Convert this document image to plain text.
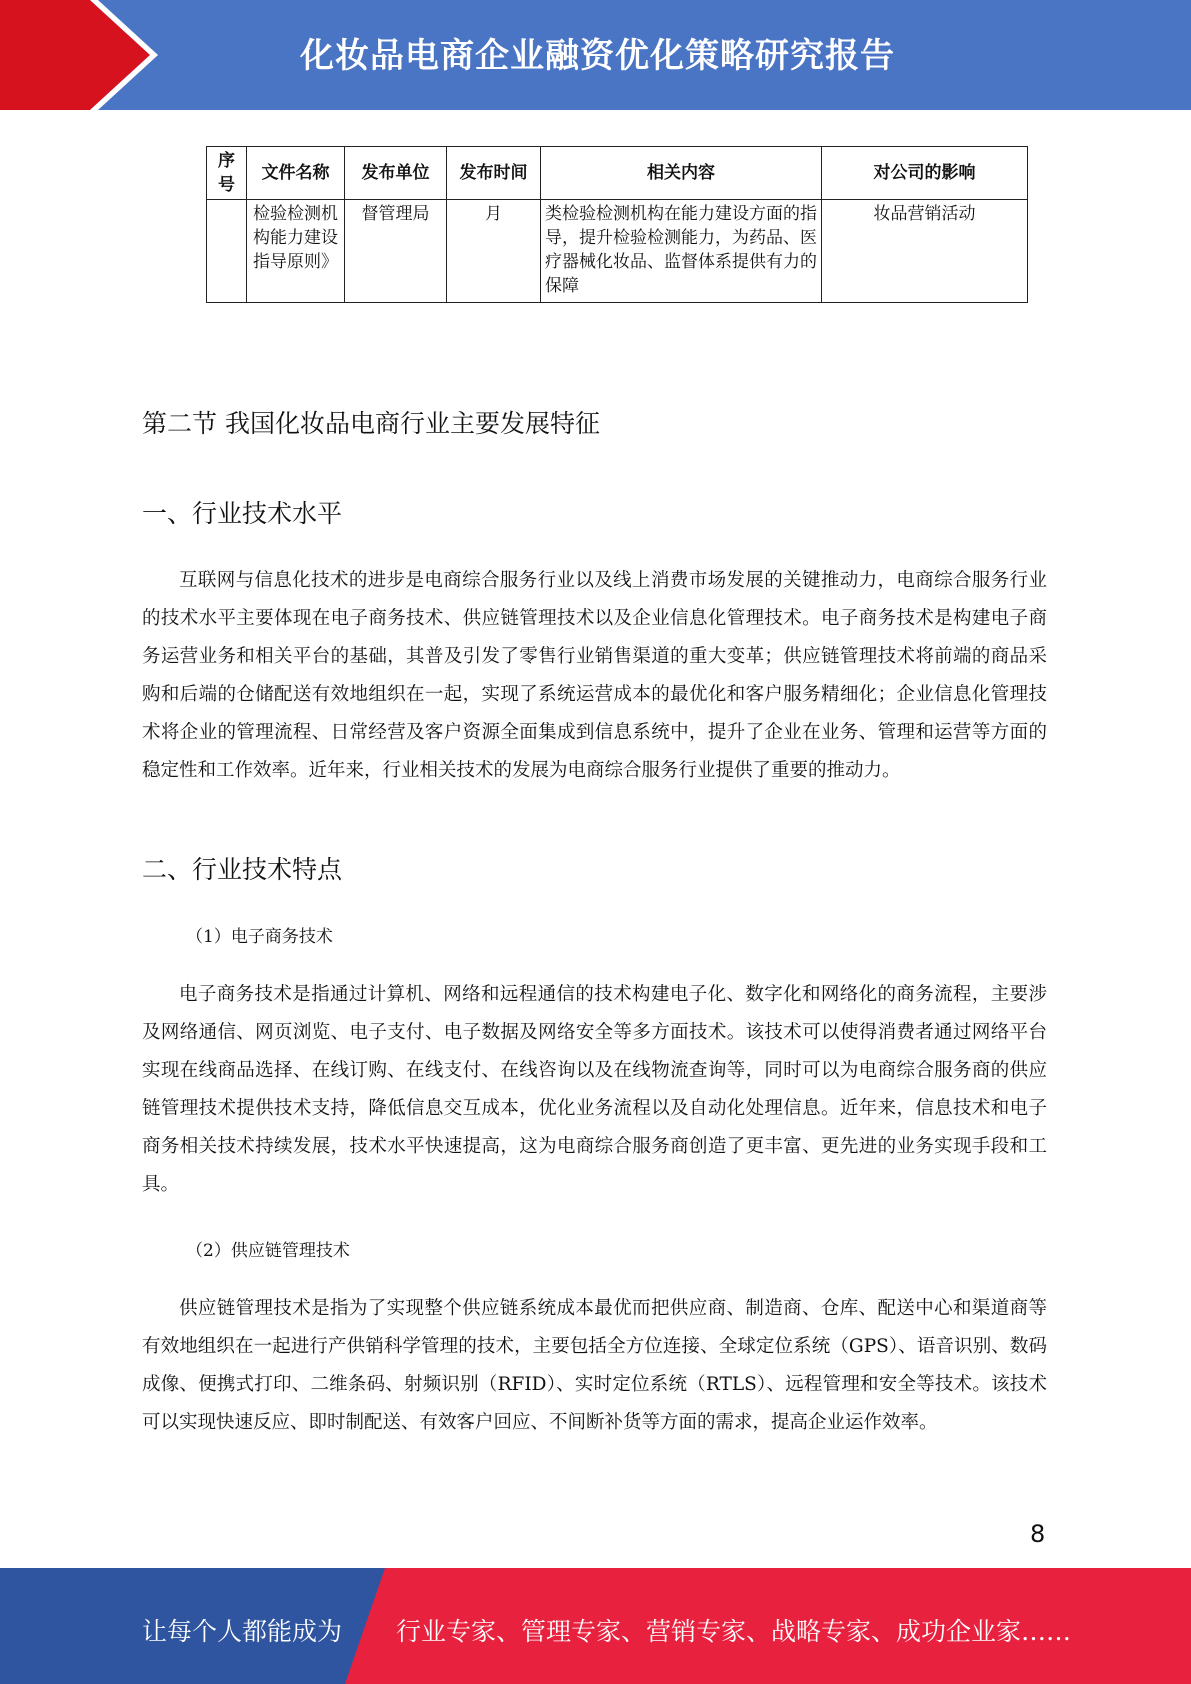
化妆品电商企业融资优化策略研究报告
序号	文件名称	发布单位	发布时间	相关内容	对公司的影响
	检验检测机构能力建设指导原则》	督管理局	月	类检验检测机构在能力建设方面的指导，提升检验检测能力，为药品、医疗器械化妆品、监督体系提供有力的保障	妆品营销活动
第二节 我国化妆品电商行业主要发展特征
一、行业技术水平

互联网与信息化技术的进步是电商综合服务行业以及线上消费市场发展的关键推动力，电商综合服务行业的技术水平主要体现在电子商务技术、供应链管理技术以及企业信息化管理技术。电子商务技术是构建电子商务运营业务和相关平台的基础，其普及引发了零售行业销售渠道的重大变革；供应链管理技术将前端的商品采购和后端的仓储配送有效地组织在一起，实现了系统运营成本的最优化和客户服务精细化；企业信息化管理技术将企业的管理流程、日常经营及客户资源全面集成到信息系统中，提升了企业在业务、管理和运营等方面的稳定性和工作效率。近年来，行业相关技术的发展为电商综合服务行业提供了重要的推动力。

二、行业技术特点
（1）电子商务技术

电子商务技术是指通过计算机、网络和远程通信的技术构建电子化、数字化和网络化的商务流程，主要涉及网络通信、网页浏览、电子支付、电子数据及网络安全等多方面技术。该技术可以使得消费者通过网络平台实现在线商品选择、在线订购、在线支付、在线咨询以及在线物流查询等，同时可以为电商综合服务商的供应链管理技术提供技术支持，降低信息交互成本，优化业务流程以及自动化处理信息。近年来，信息技术和电子商务相关技术持续发展，技术水平快速提高，这为电商综合服务商创造了更丰富、更先进的业务实现手段和工具。

（2）供应链管理技术

供应链管理技术是指为了实现整个供应链系统成本最优而把供应商、制造商、仓库、配送中心和渠道商等有效地组织在一起进行产供销科学管理的技术，主要包括全方位连接、全球定位系统（GPS）、语音识别、数码成像、便携式打印、二维条码、射频识别（RFID）、实时定位系统（RTLS）、远程管理和安全等技术。该技术可以实现快速反应、即时制配送、有效客户回应、不间断补货等方面的需求，提高企业运作效率。

8
让每个人都能成为 行业专家、管理专家、营销专家、战略专家、成功企业家……
